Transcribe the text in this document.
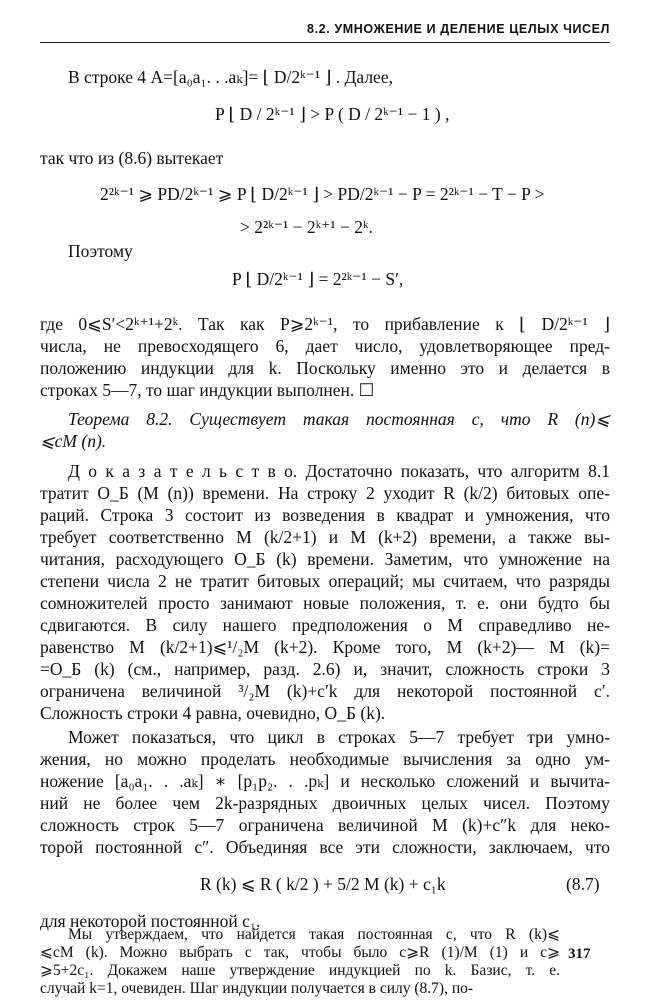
8.2. УМНОЖЕНИЕ И ДЕЛЕНИЕ ЦЕЛЫХ ЧИСЕЛ
В строке 4 A=[a₀a₁. . .aₖ]= ⌊ D/2ᵏ⁻¹ ⌋ . Далее,
P ⌊ D / 2ᵏ⁻¹ ⌋ > P ( D / 2ᵏ⁻¹ − 1 ) ,
так что из (8.6) вытекает
2²ᵏ⁻¹ ⩾ PD/2ᵏ⁻¹ ⩾ P ⌊ D/2ᵏ⁻¹ ⌋ > PD/2ᵏ⁻¹ − P = 2²ᵏ⁻¹ − T − P >
> 2²ᵏ⁻¹ − 2ᵏ⁺¹ − 2ᵏ.
Поэтому
P ⌊ D/2ᵏ⁻¹ ⌋ = 2²ᵏ⁻¹ − S′,
где 0⩽S′<2ᵏ⁺¹+2ᵏ. Так как P⩾2ᵏ⁻¹, то прибавление к ⌊ D/2ᵏ⁻¹ ⌋
числа, не превосходящего 6, дает число, удовлетворяющее пред-
положению индукции для k. Поскольку именно это и делается в
строках 5—7, то шаг индукции выполнен. ☐
Теорема 8.2. Существует такая постоянная c, что R (n)⩽
⩽cM (n).
Д о к а з а т е л ь с т в о. Достаточно показать, что алгоритм 8.1
тратит O_Б (M (n)) времени. На строку 2 уходит R (k/2) битовых опе-
раций. Строка 3 состоит из возведения в квадрат и умножения, что
требует соответственно M (k/2+1) и M (k+2) времени, а также вы-
читания, расходующего O_Б (k) времени. Заметим, что умножение на
степени числа 2 не тратит битовых операций; мы считаем, что разряды
сомножителей просто занимают новые положения, т. е. они будто бы
сдвигаются. В силу нашего предположения о M справедливо не-
равенство M (k/2+1)⩽¹/₂M (k+2). Кроме того, M (k+2)— M (k)=
=O_Б (k) (см., например, разд. 2.6) и, значит, сложность строки 3
ограничена величиной ³/₂M (k)+c′k для некоторой постоянной c′.
Сложность строки 4 равна, очевидно, O_Б (k).
Может показаться, что цикл в строках 5—7 требует три умно-
жения, но можно проделать необходимые вычисления за одно ум-
ножение [a₀a₁. . .aₖ] ∗ [p₁p₂. . .pₖ] и несколько сложений и вычита-
ний не более чем 2k-разрядных двоичных целых чисел. Поэтому
сложность строк 5—7 ограничена величиной M (k)+c″k для неко-
торой постоянной c″. Объединяя все эти сложности, заключаем, что
R (k) ⩽ R ( k/2 ) + 5/2 M (k) + c₁k	(8.7)
для некоторой постоянной c₁.
Мы утверждаем, что найдется такая постоянная c, что R (k)⩽
⩽cM (k). Можно выбрать c так, чтобы было c⩾R (1)/M (1) и c⩾
⩾5+2c₁. Докажем наше утверждение индукцией по k. Базис, т. е.
317
случай k=1, очевиден. Шаг индукции получается в силу (8.7), по-
